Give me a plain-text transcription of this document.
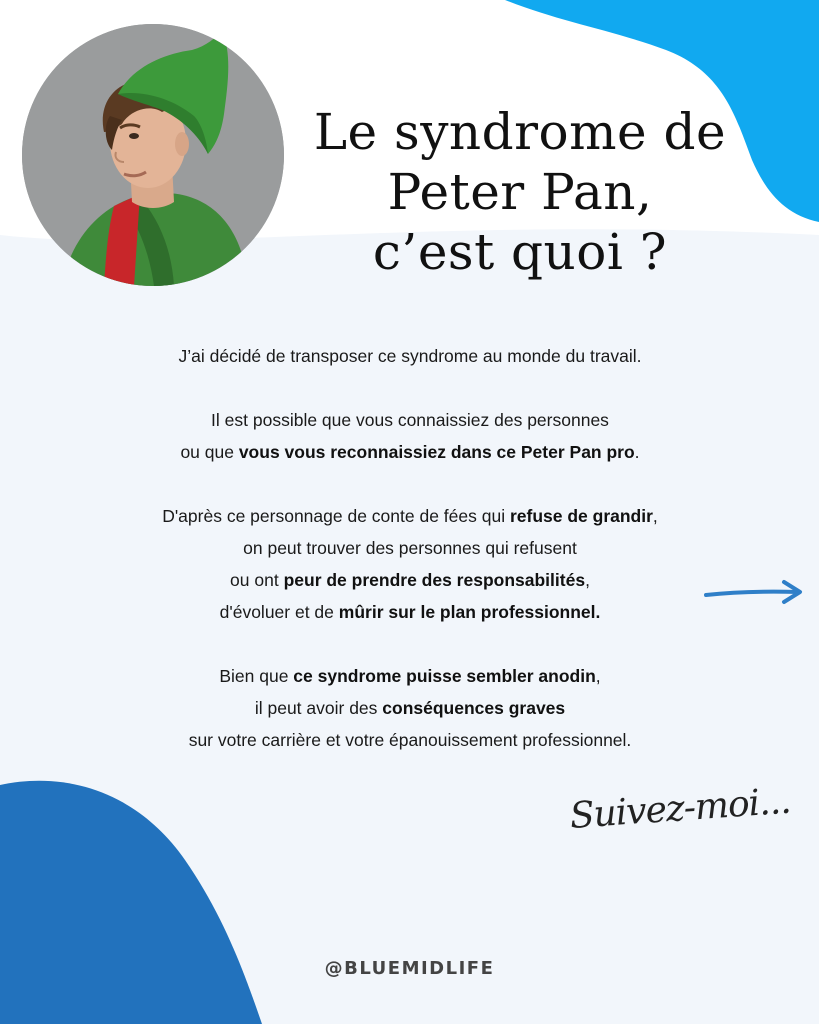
Le syndrome de
Peter Pan,
c’est quoi ?

J’ai décidé de transposer ce syndrome au monde du travail.

Il est possible que vous connaissiez des personnes
ou que vous vous reconnaissiez dans ce Peter Pan pro.

D'après ce personnage de conte de fées qui refuse de grandir,
on peut trouver des personnes qui refusent
ou ont peur de prendre des responsabilités,
d'évoluer et de mûrir sur le plan professionnel.

Bien que ce syndrome puisse sembler anodin,
il peut avoir des conséquences graves
sur votre carrière et votre épanouissement professionnel.

Suivez-moi...
@BLUEMIDLIFE
